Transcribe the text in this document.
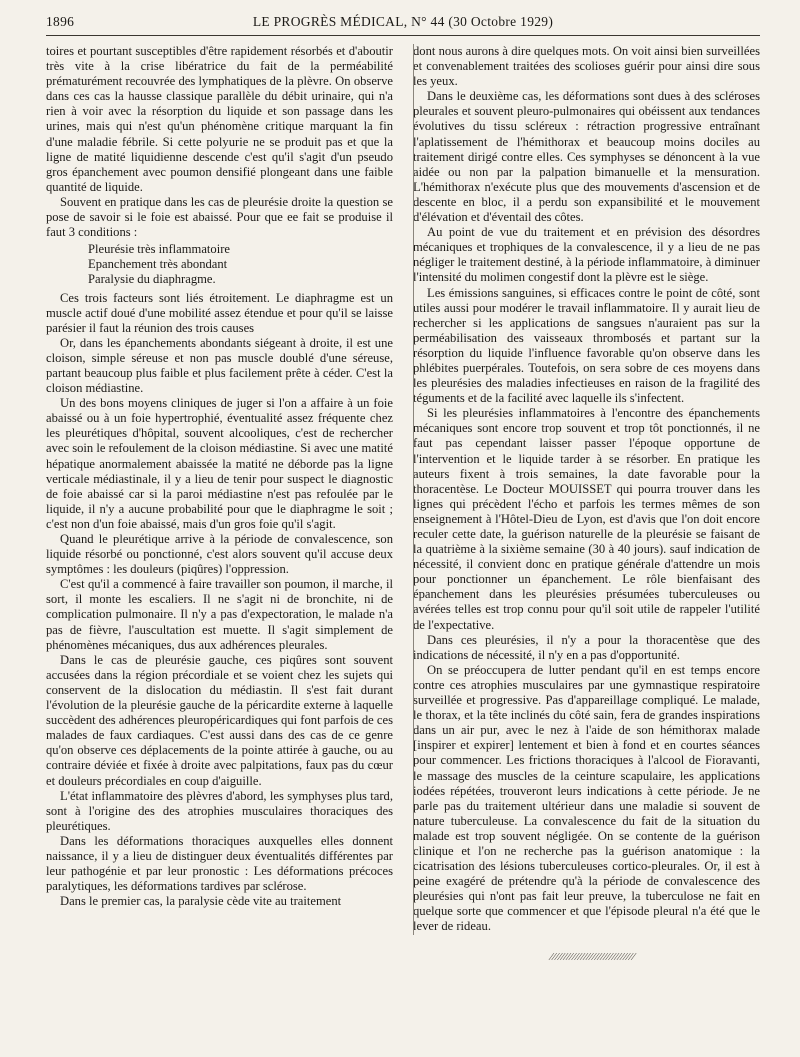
1896	LE PROGRÈS MÉDICAL, N° 44 (30 Octobre 1929)

toires et pourtant susceptibles d'être rapidement résorbés et d'aboutir très vite à la crise libératrice du fait de la perméabilité prématurément recouvrée des lymphatiques de la plèvre. On observe dans ces cas la hausse classique parallèle du débit urinaire, qui n'a rien à voir avec la résorption du liquide et son passage dans les urines, mais qui n'est qu'un phénomène critique marquant la fin d'une maladie fébrile. Si cette polyurie ne se produit pas et que la ligne de matité liquidienne descende c'est qu'il s'agit d'un pseudo gros épanchement avec poumon densifié plongeant dans une faible quantité de liquide.

Souvent en pratique dans les cas de pleurésie droite la question se pose de savoir si le foie est abaissé. Pour que ee fait se produise il faut 3 conditions :

Pleurésie très inflammatoire
Epanchement très abondant
Paralysie du diaphragme.

Ces trois facteurs sont liés étroitement. Le diaphragme est un muscle actif doué d'une mobilité assez étendue et pour qu'il se laisse parésier il faut la réunion des trois causes

Or, dans les épanchements abondants siégeant à droite, il est une cloison, simple séreuse et non pas muscle doublé d'une séreuse, partant beaucoup plus faible et plus facilement prête à céder. C'est la cloison médiastine.

Un des bons moyens cliniques de juger si l'on a affaire à un foie abaissé ou à un foie hypertrophié, éventualité assez fréquente chez les pleurétiques d'hôpital, souvent alcooliques, c'est de rechercher avec soin le refoulement de la cloison médiastine. Si avec une matité hépatique anormalement abaissée la matité ne déborde pas la ligne verticale médiastinale, il y a lieu de tenir pour suspect le diagnostic de foie abaissé car si la paroi médiastine n'est pas refoulée par le liquide, il n'y a aucune probabilité pour que le diaphragme le soit ; c'est non d'un foie abaissé, mais d'un gros foie qu'il s'agit.

Quand le pleurétique arrive à la période de convalescence, son liquide résorbé ou ponctionné, c'est alors souvent qu'il accuse deux symptômes : les douleurs (piqûres) l'oppression.

C'est qu'il a commencé à faire travailler son poumon, il marche, il sort, il monte les escaliers. Il ne s'agit ni de bronchite, ni de complication pulmonaire. Il n'y a pas d'expectoration, le malade n'a pas de fièvre, l'auscultation est muette. Il s'agit simplement de phénomènes mécaniques, dus aux adhérences pleurales.

Dans le cas de pleurésie gauche, ces piqûres sont souvent accusées dans la région précordiale et se voient chez les sujets qui conservent de la dislocation du médiastin. Il s'est fait durant l'évolution de la pleurésie gauche de la péricardite externe à laquelle succèdent des adhérences pleuropéricardiques qui font parfois de ces malades de faux cardiaques. C'est aussi dans des cas de ce genre qu'on observe ces déplacements de la pointe attirée à gauche, ou au contraire déviée et fixée à droite avec palpitations, faux pas du cœur et douleurs précordiales en coup d'aiguille.

L'état inflammatoire des plèvres d'abord, les symphyses plus tard, sont à l'origine des des atrophies musculaires thoraciques des pleurétiques.

Dans les déformations thoraciques auxquelles elles donnent naissance, il y a lieu de distinguer deux éventualités différentes par leur pathogénie et par leur pronostic : Les déformations précoces paralytiques, les déformations tardives par sclérose.

Dans le premier cas, la paralysie cède vite au traitement

dont nous aurons à dire quelques mots. On voit ainsi bien surveillées et convenablement traitées des scolioses guérir pour ainsi dire sous les yeux.

Dans le deuxième cas, les déformations sont dues à des scléroses pleurales et souvent pleuro-pulmonaires qui obéissent aux tendances évolutives du tissu scléreux : rétraction progressive entraînant l'aplatissement de l'hémithorax et beaucoup moins dociles au traitement dirigé contre elles. Ces symphyses se dénoncent à la vue aidée ou non par la palpation bimanuelle et la mensuration. L'hémithorax n'exécute plus que des mouvements d'ascension et de descente en bloc, il a perdu son expansibilité et le mouvement d'élévation et d'éventail des côtes.

Au point de vue du traitement et en prévision des désordres mécaniques et trophiques de la convalescence, il y a lieu de ne pas négliger le traitement destiné, à la période inflammatoire, à diminuer l'intensité du molimen congestif dont la plèvre est le siège.

Les émissions sanguines, si efficaces contre le point de côté, sont utiles aussi pour modérer le travail inflammatoire. Il y aurait lieu de rechercher si les applications de sangsues n'auraient pas sur la perméabilisation des vaisseaux thrombosés et partant sur la résorption du liquide l'influence favorable qu'on observe dans les phlébites puerpérales. Toutefois, on sera sobre de ces moyens dans les pleurésies des maladies infectieuses en raison de la fragilité des téguments et de la facilité avec laquelle ils s'infectent.

Si les pleurésies inflammatoires à l'encontre des épanchements mécaniques sont encore trop souvent et trop tôt ponctionnés, il ne faut pas cependant laisser passer l'époque opportune de l'intervention et le liquide tarder à se résorber. En pratique les auteurs fixent à trois semaines, la date favorable pour la thoracentèse. Le Docteur MOUISSET qui pourra trouver dans les lignes qui précèdent l'écho et parfois les termes mêmes de son enseignement à l'Hôtel-Dieu de Lyon, est d'avis que l'on doit encore reculer cette date, la guérison naturelle de la pleurésie se faisant de la quatrième à la sixième semaine (30 à 40 jours). sauf indication de nécessité, il convient donc en pratique générale d'attendre un mois pour ponctionner un épanchement. Le rôle bienfaisant des épanchement dans les pleurésies présumées tuberculeuses ou avérées telles est trop connu pour qu'il soit utile de rappeler l'utilité de l'expectative.

Dans ces pleurésies, il n'y a pour la thoracentèse que des indications de nécessité, il n'y en a pas d'opportunité.

On se préoccupera de lutter pendant qu'il en est temps encore contre ces atrophies musculaires par une gymnastique respiratoire surveillée et progressive. Pas d'appareillage compliqué. Le malade, le thorax, et la tête inclinés du côté sain, fera de grandes inspirations dans un air pur, avec le nez à l'aide de son hémithorax malade [inspirer et expirer] lentement et bien à fond et en courtes séances pour commencer. Les frictions thoraciques à l'alcool de Fioravanti, le massage des muscles de la ceinture scapulaire, les applications iodées répétées, trouveront leurs indications à cette période. Je ne parle pas du traitement ultérieur dans une maladie si souvent de nature tuberculeuse. La convalescence du fait de la situation du malade est trop souvent négligée. On se contente de la guérison clinique et l'on ne recherche pas la guérison anatomique : la cicatrisation des lésions tuberculeuses cortico-pleurales. Or, il est à peine exagéré de prétendre qu'à la période de convalescence des pleurésies qui n'ont pas fait leur preuve, la tuberculose ne fait en quelque sorte que commencer et que l'épisode pleural n'a été que le lever de rideau.

⁄⁄⁄⁄⁄⁄⁄⁄⁄⁄⁄⁄⁄⁄⁄⁄⁄⁄⁄⁄⁄⁄⁄⁄⁄⁄⁄⁄⁄⁄
